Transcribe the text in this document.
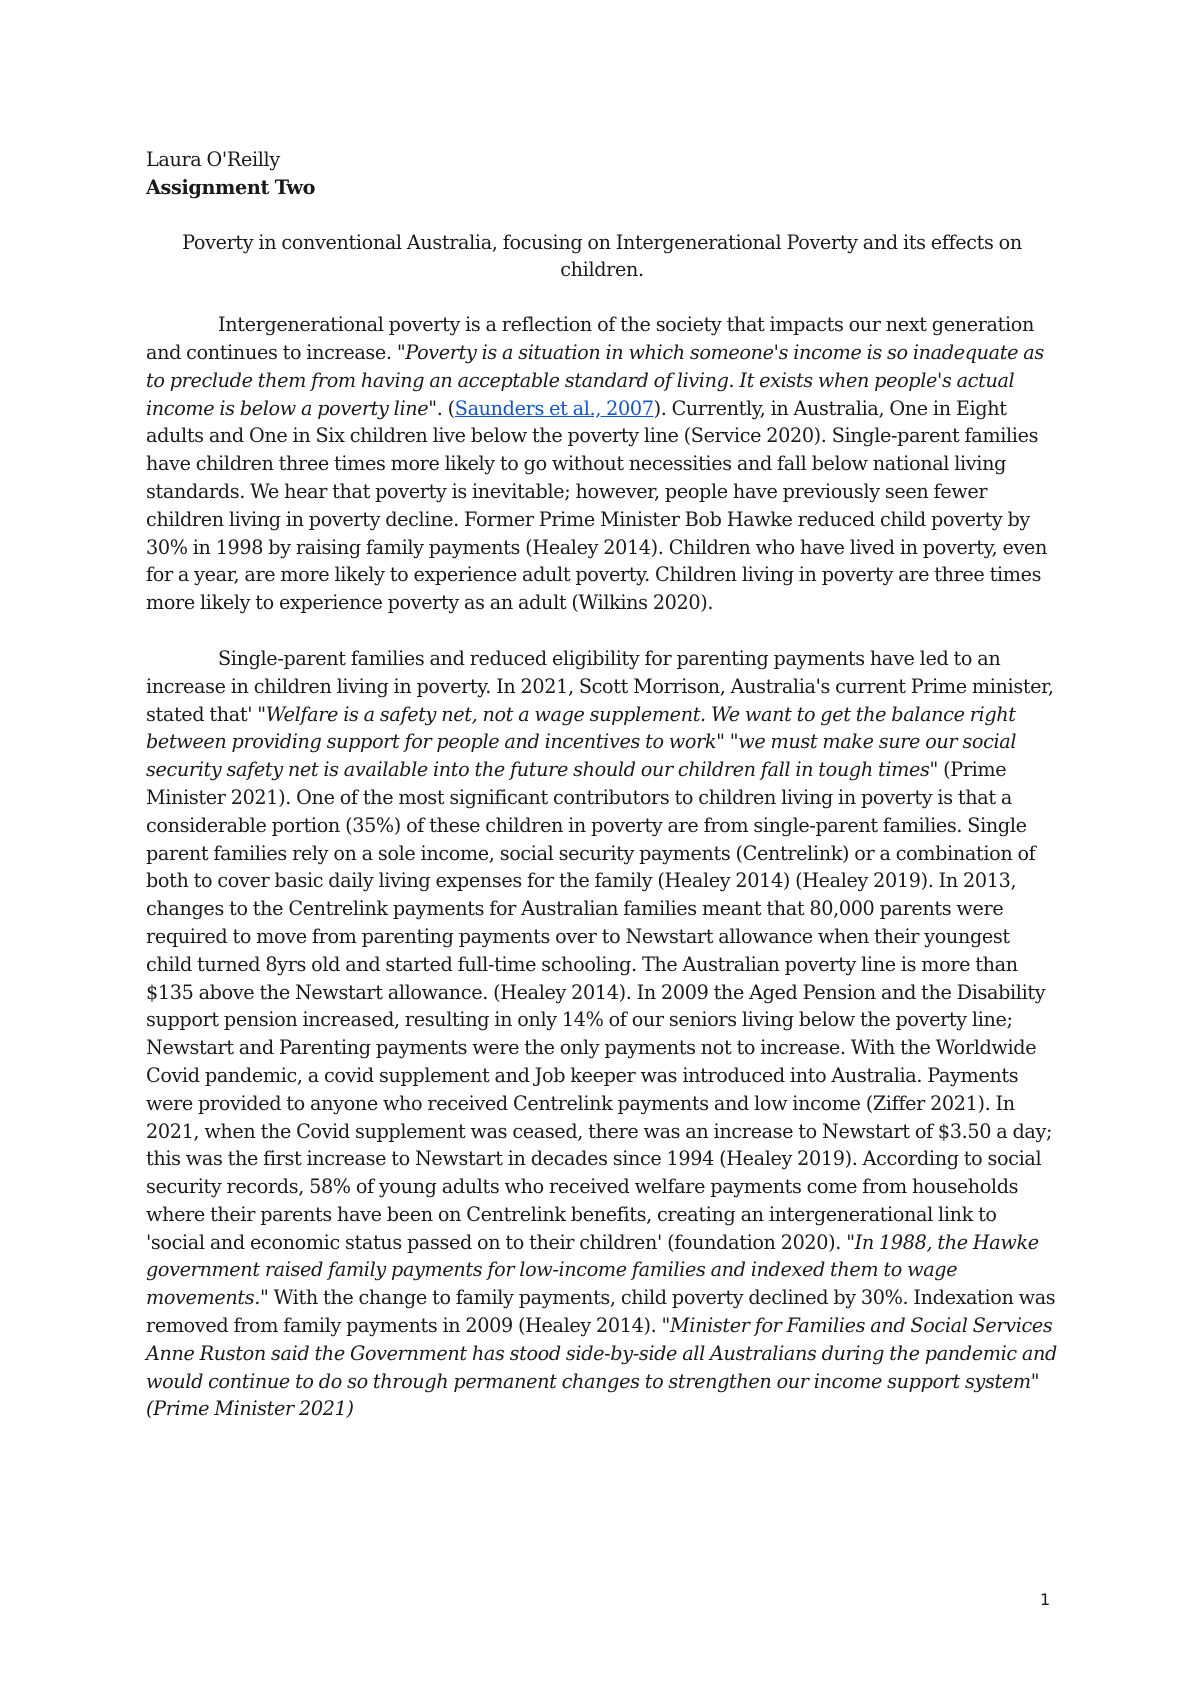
Laura O'Reilly

Assignment Two

Poverty in conventional Australia, focusing on Intergenerational Poverty and its effects on children.

Intergenerational poverty is a reflection of the society that impacts our next generation and continues to increase. "Poverty is a situation in which someone's income is so inadequate as to preclude them from having an acceptable standard of living. It exists when people's actual income is below a poverty line". (Saunders et al., 2007). Currently, in Australia, One in Eight adults and One in Six children live below the poverty line (Service 2020). Single-parent families have children three times more likely to go without necessities and fall below national living standards. We hear that poverty is inevitable; however, people have previously seen fewer children living in poverty decline. Former Prime Minister Bob Hawke reduced child poverty by 30% in 1998 by raising family payments (Healey 2014). Children who have lived in poverty, even for a year, are more likely to experience adult poverty. Children living in poverty are three times more likely to experience poverty as an adult (Wilkins 2020).

Single-parent families and reduced eligibility for parenting payments have led to an increase in children living in poverty. In 2021, Scott Morrison, Australia's current Prime minister, stated that' "Welfare is a safety net, not a wage supplement. We want to get the balance right between providing support for people and incentives to work" "we must make sure our social security safety net is available into the future should our children fall in tough times" (Prime Minister 2021). One of the most significant contributors to children living in poverty is that a considerable portion (35%) of these children in poverty are from single-parent families. Single parent families rely on a sole income, social security payments (Centrelink) or a combination of both to cover basic daily living expenses for the family (Healey 2014) (Healey 2019). In 2013, changes to the Centrelink payments for Australian families meant that 80,000 parents were required to move from parenting payments over to Newstart allowance when their youngest child turned 8yrs old and started full-time schooling. The Australian poverty line is more than $135 above the Newstart allowance. (Healey 2014). In 2009 the Aged Pension and the Disability support pension increased, resulting in only 14% of our seniors living below the poverty line; Newstart and Parenting payments were the only payments not to increase. With the Worldwide Covid pandemic, a covid supplement and Job keeper was introduced into Australia. Payments were provided to anyone who received Centrelink payments and low income (Ziffer 2021). In 2021, when the Covid supplement was ceased, there was an increase to Newstart of $3.50 a day; this was the first increase to Newstart in decades since 1994 (Healey 2019). According to social security records, 58% of young adults who received welfare payments come from households where their parents have been on Centrelink benefits, creating an intergenerational link to 'social and economic status passed on to their children' (foundation 2020). "In 1988, the Hawke government raised family payments for low-income families and indexed them to wage movements." With the change to family payments, child poverty declined by 30%. Indexation was removed from family payments in 2009 (Healey 2014). "Minister for Families and Social Services Anne Ruston said the Government has stood side-by-side all Australians during the pandemic and would continue to do so through permanent changes to strengthen our income support system" (Prime Minister 2021)

1
